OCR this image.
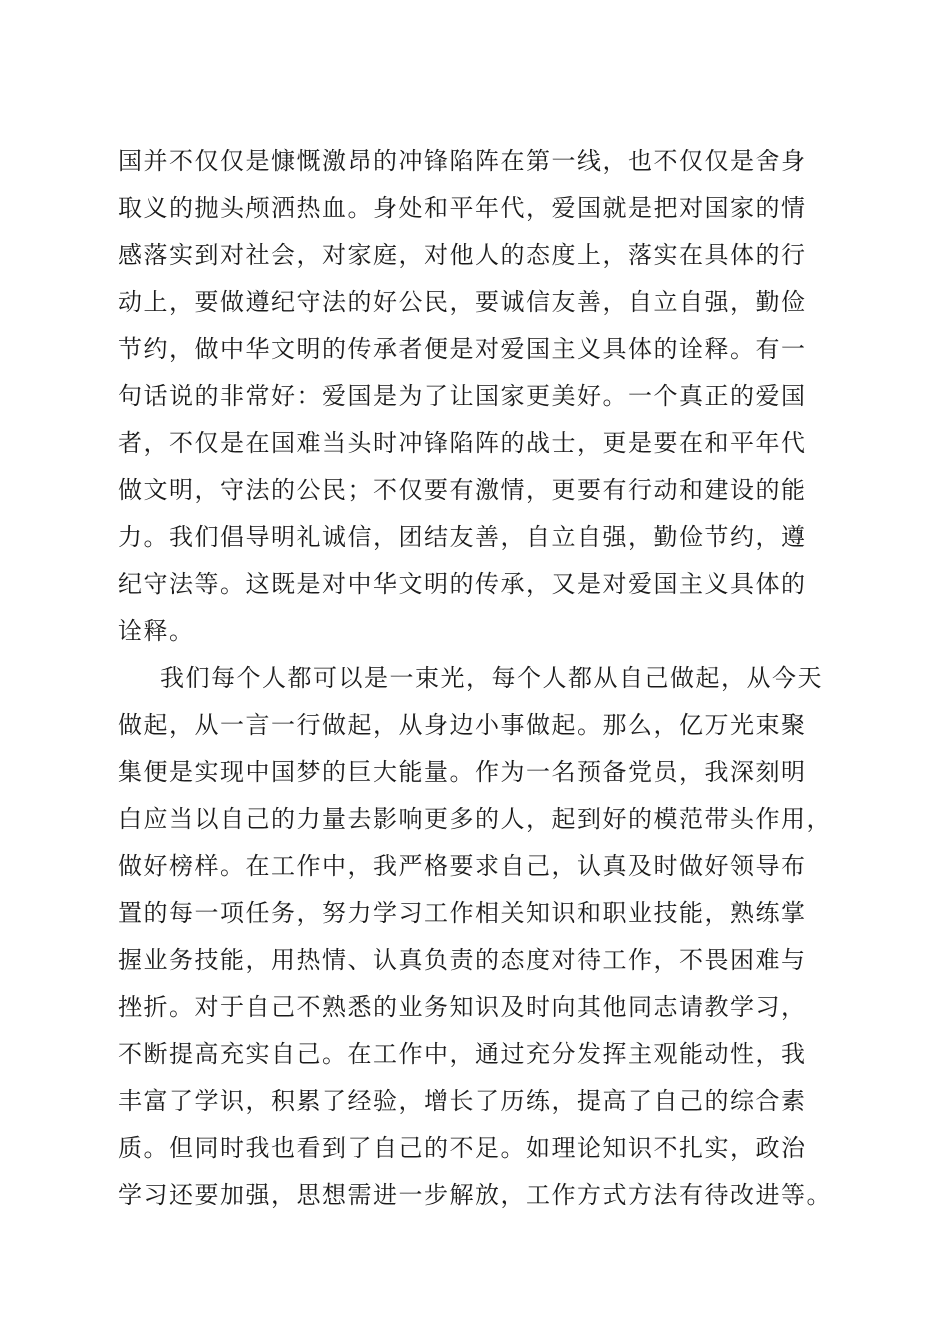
国并不仅仅是慷慨激昂的冲锋陷阵在第一线，也不仅仅是舍身
取义的抛头颅洒热血。身处和平年代，爱国就是把对国家的情
感落实到对社会，对家庭，对他人的态度上，落实在具体的行
动上，要做遵纪守法的好公民，要诚信友善，自立自强，勤俭
节约，做中华文明的传承者便是对爱国主义具体的诠释。有一
句话说的非常好：爱国是为了让国家更美好。一个真正的爱国
者，不仅是在国难当头时冲锋陷阵的战士，更是要在和平年代
做文明，守法的公民；不仅要有激情，更要有行动和建设的能
力。我们倡导明礼诚信，团结友善，自立自强，勤俭节约，遵
纪守法等。这既是对中华文明的传承，又是对爱国主义具体的
诠释。
我们每个人都可以是一束光，每个人都从自己做起，从今天
做起，从一言一行做起，从身边小事做起。那么，亿万光束聚
集便是实现中国梦的巨大能量。作为一名预备党员，我深刻明
白应当以自己的力量去影响更多的人，起到好的模范带头作用，
做好榜样。在工作中，我严格要求自己，认真及时做好领导布
置的每一项任务，努力学习工作相关知识和职业技能，熟练掌
握业务技能，用热情、认真负责的态度对待工作，不畏困难与
挫折。对于自己不熟悉的业务知识及时向其他同志请教学习，
不断提高充实自己。在工作中，通过充分发挥主观能动性，我
丰富了学识，积累了经验，增长了历练，提高了自己的综合素
质。但同时我也看到了自己的不足。如理论知识不扎实，政治
学习还要加强，思想需进一步解放，工作方式方法有待改进等。
